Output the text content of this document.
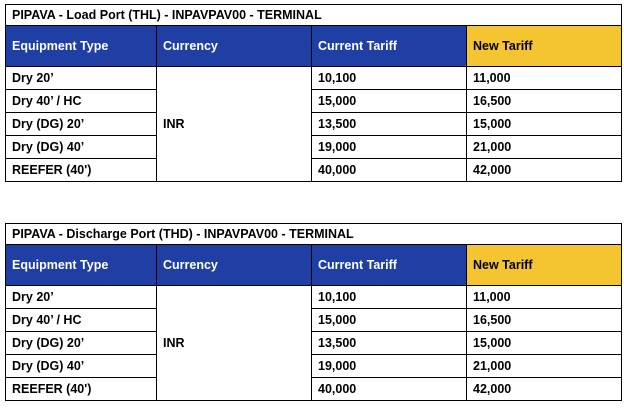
PIPAVA - Load Port (THL) - INPAVPAV00 - TERMINAL			
Equipment Type	Currency	Current Tariff	New Tariff
Dry 20’	INR	10,100	11,000
Dry 40’ / HC		15,000	16,500
Dry (DG) 20’		13,500	15,000
Dry (DG) 40’		19,000	21,000
REEFER (40')		40,000	42,000
PIPAVA - Discharge Port (THD) - INPAVPAV00 - TERMINAL			
Equipment Type	Currency	Current Tariff	New Tariff
Dry 20’	INR	10,100	11,000
Dry 40’ / HC		15,000	16,500
Dry (DG) 20’		13,500	15,000
Dry (DG) 40’		19,000	21,000
REEFER (40')		40,000	42,000
